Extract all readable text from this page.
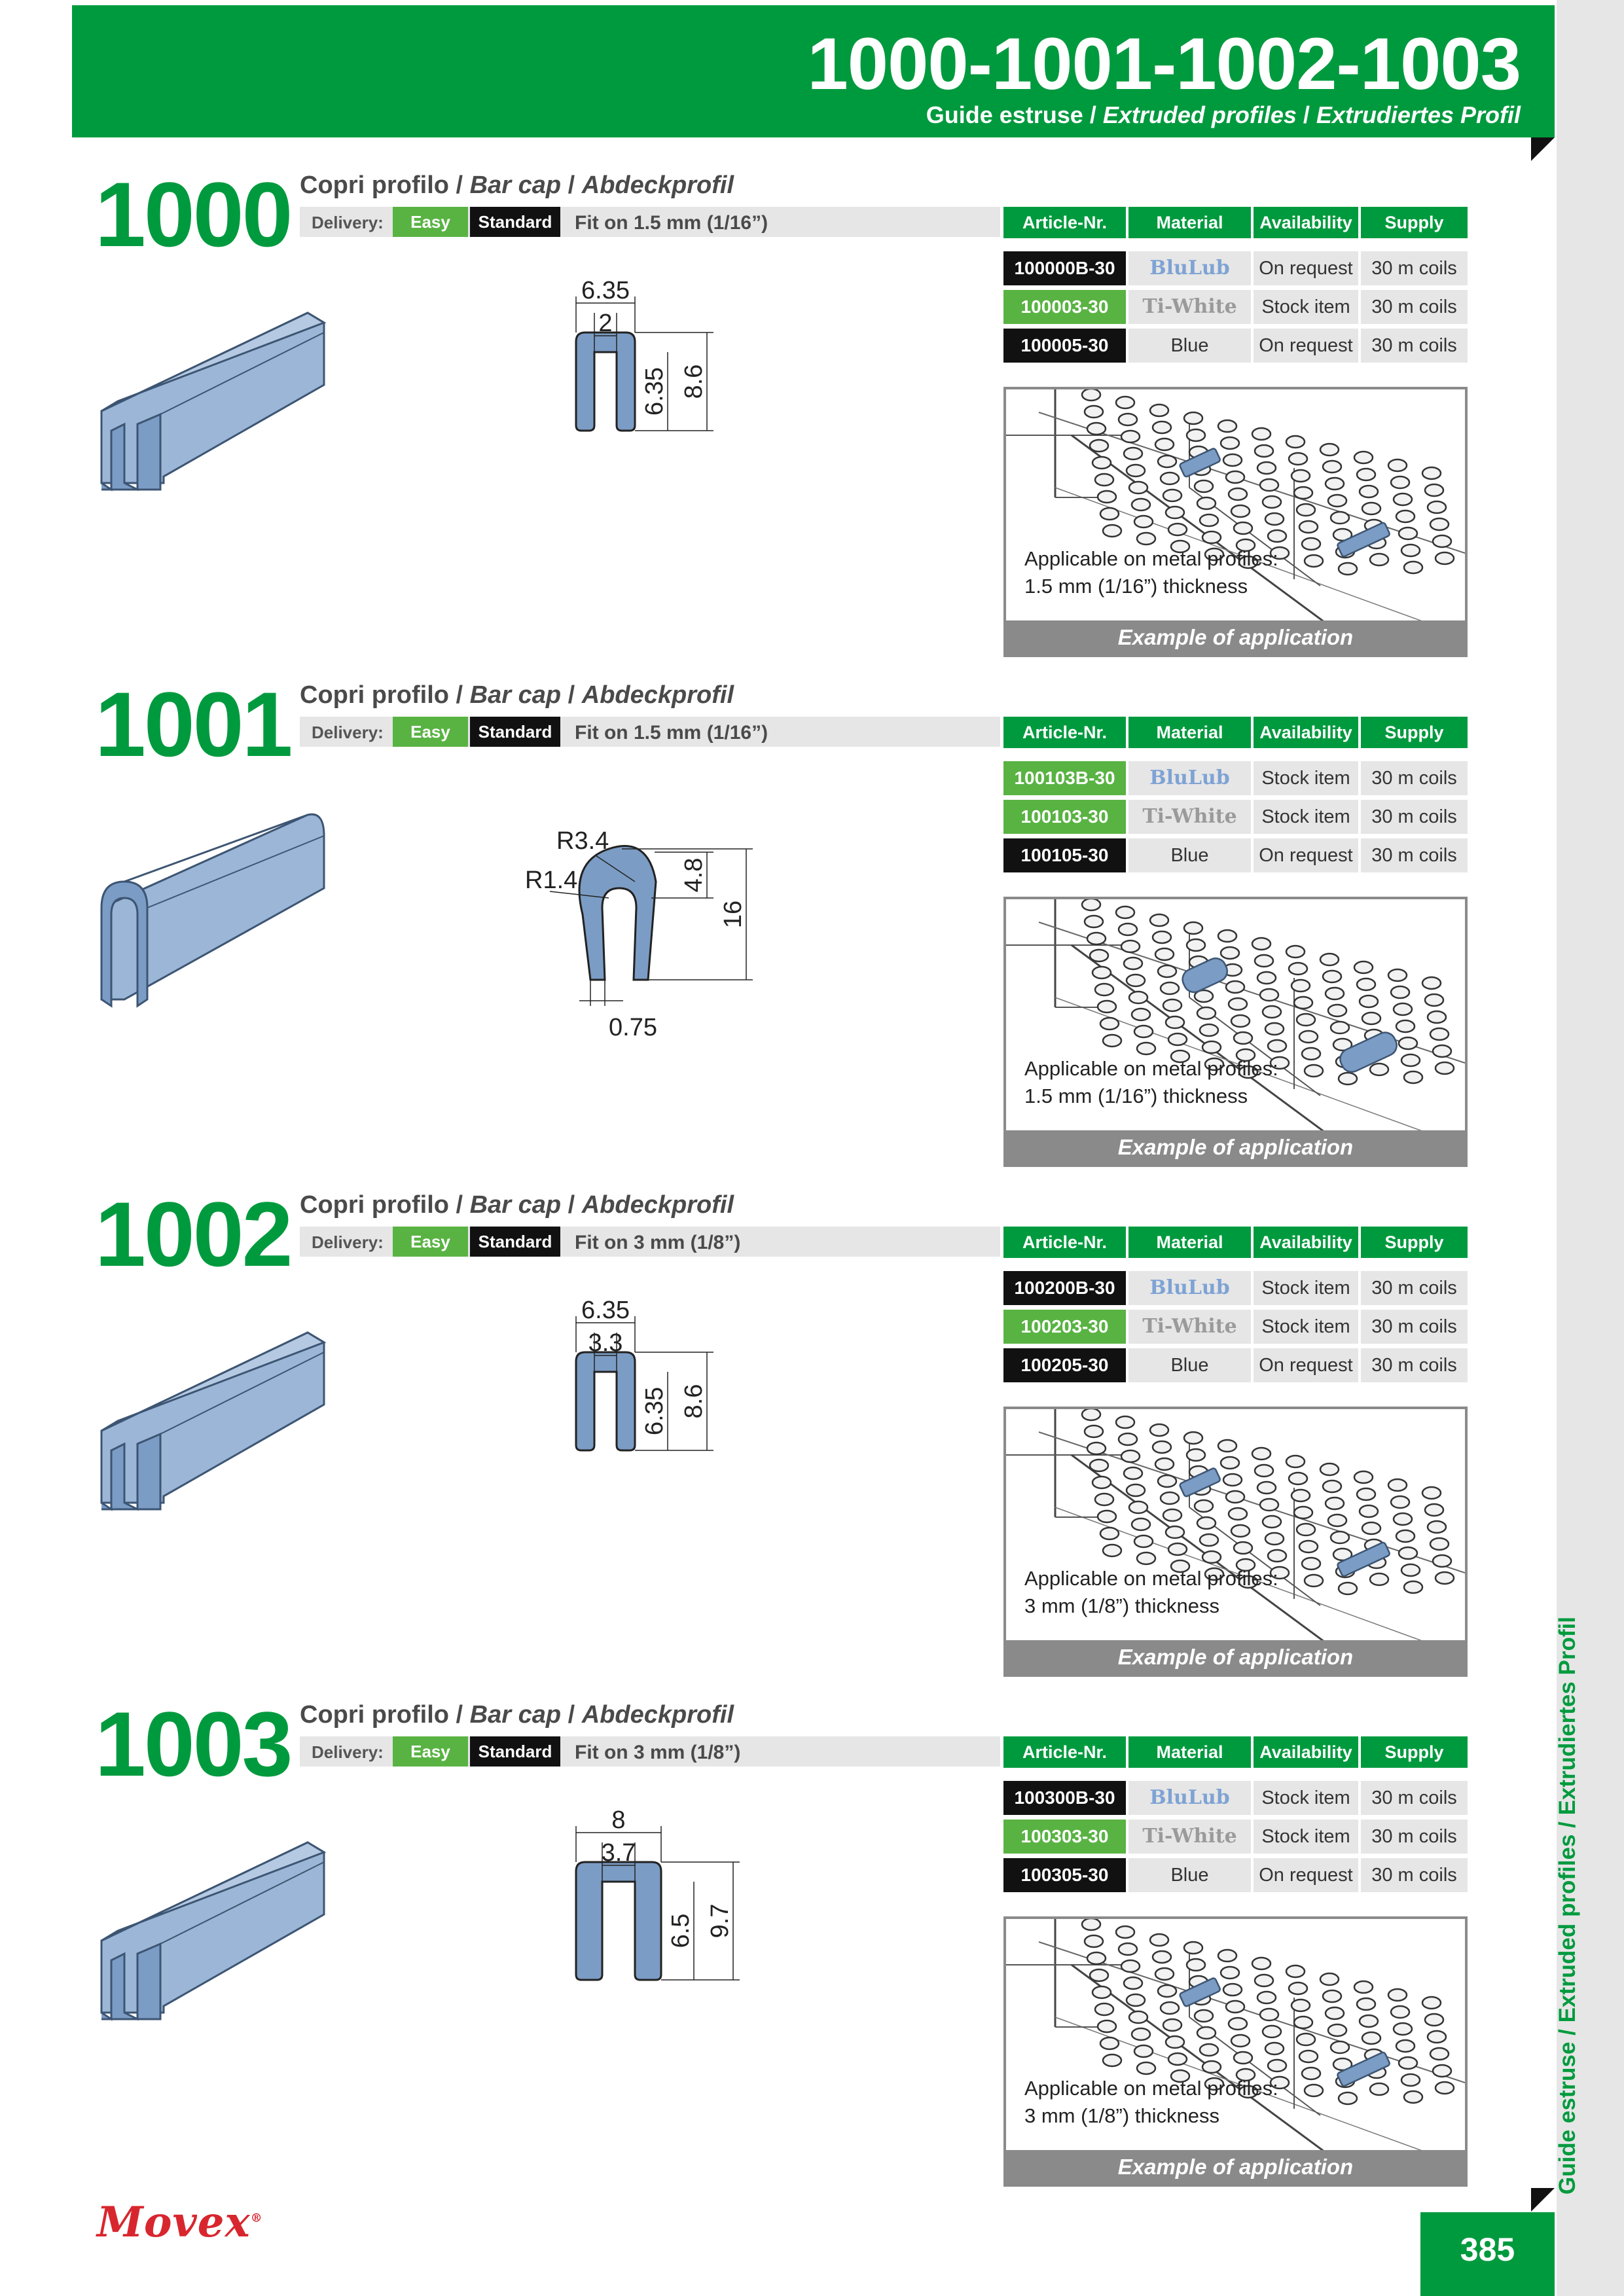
Guide estruse / Extruded profiles / Extrudiertes Profil
1000-1001-1002-1003
Guide estruse / Extruded profiles / Extrudiertes Profil
1000 Copri profilo / Bar cap / Abdeckprofil
Delivery:	Easy	Standard	Fit on 1.5 mm (1/16”)	Article-Nr.	Material	Availability	Supply
100000B-30	BluLub	On request 30 m coils
100003-30	Ti-White	Stock item	30 m coils
100005-30	Blue	On request 30 m coils
6.35
2
6.35 8.6
Applicable on metal profiles:
1.5 mm (1/16”) thickness
Example of application
1001 Copri profilo / Bar cap / Abdeckprofil
Delivery:	Easy	Standard	Fit on 1.5 mm (1/16”)	Article-Nr.	Material	Availability	Supply
100103B-30	BluLub	Stock item	30 m coils
100103-30	Ti-White	Stock item	30 m coils
100105-30	Blue	On request 30 m coils
R3.4
R1.4	4.8
16
0.75
Applicable on metal profiles:
1.5 mm (1/16”) thickness
Example of application
1002 Copri profilo / Bar cap / Abdeckprofil
Delivery:	Easy	Standard	Fit on 3 mm (1/8”)	Article-Nr.	Material	Availability	Supply
100200B-30	BluLub	Stock item	30 m coils
100203-30	Ti-White	Stock item	30 m coils
100205-30	Blue	On request 30 m coils
6.35
3.3
6.35 8.6
Applicable on metal profiles:
3 mm (1/8”) thickness
Example of application
1003 Copri profilo / Bar cap / Abdeckprofil
Delivery:	Easy	Standard	Fit on 3 mm (1/8”)	Article-Nr.	Material	Availability	Supply
100300B-30	BluLub	Stock item	30 m coils
100303-30	Ti-White	Stock item	30 m coils
100305-30	Blue	On request 30 m coils
8
3.7
6.5 9.7
Applicable on metal profiles:
3 mm (1/8”) thickness
Example of application
Movex®
385
